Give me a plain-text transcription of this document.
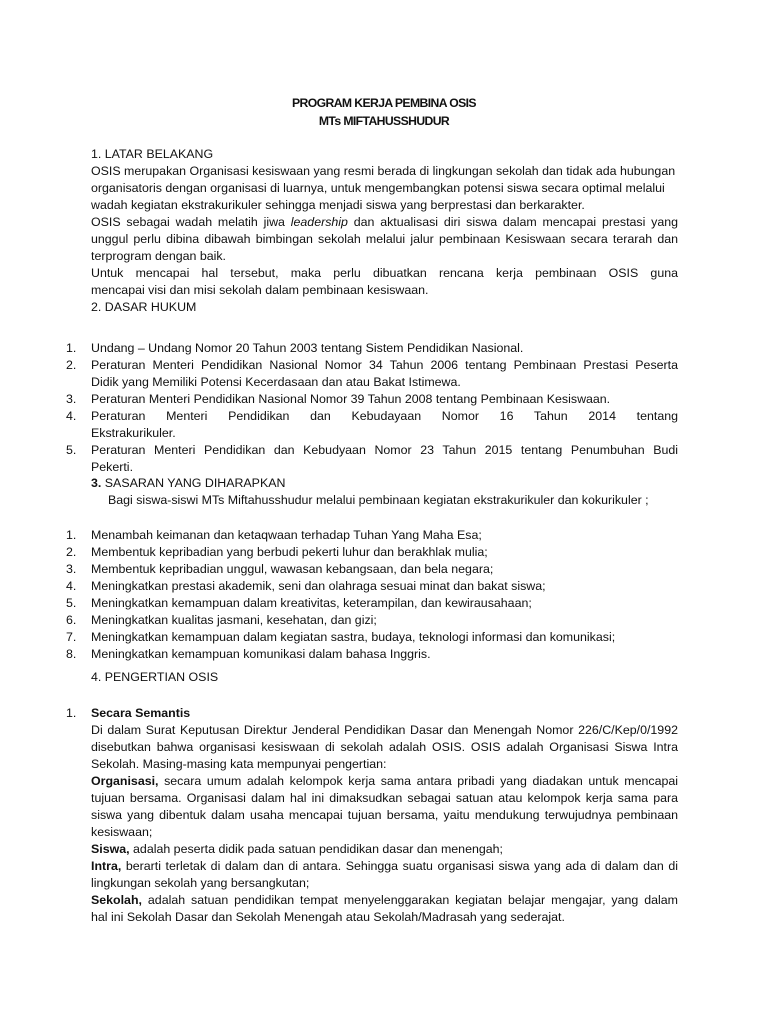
PROGRAM KERJA PEMBINA OSIS
MTs MIFTAHUSSHUDUR
1. LATAR BELAKANG
OSIS merupakan Organisasi kesiswaan yang resmi berada di lingkungan sekolah dan tidak ada hubungan
organisatoris dengan organisasi di luarnya, untuk mengembangkan potensi siswa secara optimal melalui
wadah kegiatan ekstrakurikuler sehingga menjadi siswa yang berprestasi dan berkarakter.
OSIS sebagai wadah melatih jiwa leadership dan aktualisasi diri siswa dalam mencapai prestasi yang
unggul perlu dibina dibawah bimbingan sekolah melalui jalur pembinaan Kesiswaan secara terarah dan
terprogram dengan baik.
Untuk mencapai hal tersebut, maka perlu dibuatkan rencana kerja pembinaan OSIS guna
mencapai visi dan misi sekolah dalam pembinaan kesiswaan.
2. DASAR HUKUM
1.	Undang – Undang Nomor 20 Tahun 2003 tentang Sistem Pendidikan Nasional.
2.	Peraturan Menteri Pendidikan Nasional Nomor 34 Tahun 2006 tentang Pembinaan Prestasi Peserta
Didik yang Memiliki Potensi Kecerdasaan dan atau Bakat Istimewa.
3.	Peraturan Menteri Pendidikan Nasional Nomor 39 Tahun 2008 tentang Pembinaan Kesiswaan.
4.	Peraturan Menteri Pendidikan dan Kebudayaan Nomor 16 Tahun 2014 tentang
Ekstrakurikuler.
5.	Peraturan Menteri Pendidikan dan Kebudyaan Nomor 23 Tahun 2015 tentang Penumbuhan Budi
Pekerti.
3. SASARAN YANG DIHARAPKAN
Bagi siswa-siswi MTs Miftahusshudur melalui pembinaan kegiatan ekstrakurikuler dan kokurikuler ;
1.	Menambah keimanan dan ketaqwaan terhadap Tuhan Yang Maha Esa;
2.	Membentuk kepribadian yang berbudi pekerti luhur dan berakhlak mulia;
3.	Membentuk kepribadian unggul, wawasan kebangsaan, dan bela negara;
4.	Meningkatkan prestasi akademik, seni dan olahraga sesuai minat dan bakat siswa;
5.	Meningkatkan kemampuan dalam kreativitas, keterampilan, dan kewirausahaan;
6.	Meningkatkan kualitas jasmani, kesehatan, dan gizi;
7.	Meningkatkan kemampuan dalam kegiatan sastra, budaya, teknologi informasi dan komunikasi;
8.	Meningkatkan kemampuan komunikasi dalam bahasa Inggris.
4. PENGERTIAN OSIS
1.	Secara Semantis
Di dalam Surat Keputusan Direktur Jenderal Pendidikan Dasar dan Menengah Nomor 226/C/Kep/0/1992
disebutkan bahwa organisasi kesiswaan di sekolah adalah OSIS. OSIS adalah Organisasi Siswa Intra
Sekolah. Masing-masing kata mempunyai pengertian:
Organisasi, secara umum adalah kelompok kerja sama antara pribadi yang diadakan untuk mencapai
tujuan bersama. Organisasi dalam hal ini dimaksudkan sebagai satuan atau kelompok kerja sama para
siswa yang dibentuk dalam usaha mencapai tujuan bersama, yaitu mendukung terwujudnya pembinaan
kesiswaan;
Siswa, adalah peserta didik pada satuan pendidikan dasar dan menengah;
Intra, berarti terletak di dalam dan di antara. Sehingga suatu organisasi siswa yang ada di dalam dan di
lingkungan sekolah yang bersangkutan;
Sekolah, adalah satuan pendidikan tempat menyelenggarakan kegiatan belajar mengajar, yang dalam
hal ini Sekolah Dasar dan Sekolah Menengah atau Sekolah/Madrasah yang sederajat.
